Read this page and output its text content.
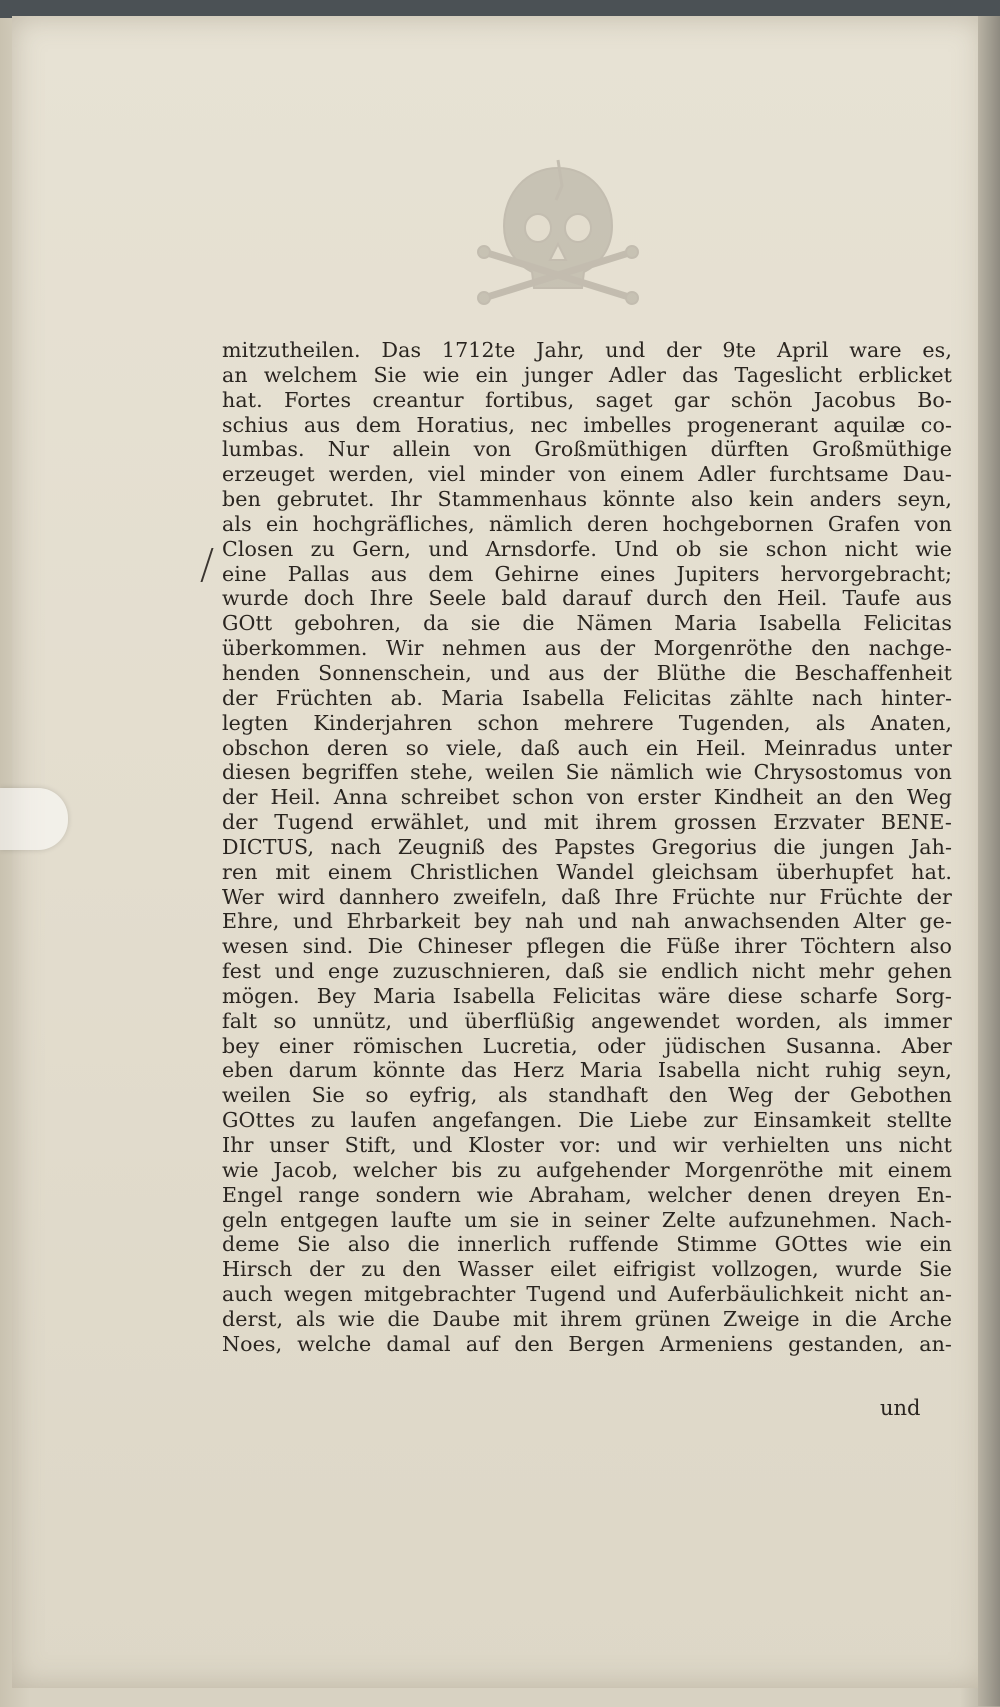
mitzutheilen. Das 1712te Jahr, und der 9te April ware es,
an welchem Sie wie ein junger Adler das Tageslicht erblicket
hat. Fortes creantur fortibus, saget gar schön Jacobus Bo-
schius aus dem Horatius, nec imbelles progenerant aquilæ co-
lumbas. Nur allein von Großmüthigen dürften Großmüthige
erzeuget werden, viel minder von einem Adler furchtsame Dau-
ben gebrutet. Ihr Stammenhaus könnte also kein anders seyn,
als ein hochgräfliches, nämlich deren hochgebornen Grafen von
Closen zu Gern, und Arnsdorfe. Und ob sie schon nicht wie
eine Pallas aus dem Gehirne eines Jupiters hervorgebracht;
wurde doch Ihre Seele bald darauf durch den Heil. Taufe aus
GOtt gebohren, da sie die Nämen Maria Isabella Felicitas
überkommen. Wir nehmen aus der Morgenröthe den nachge-
henden Sonnenschein, und aus der Blüthe die Beschaffenheit
der Früchten ab. Maria Isabella Felicitas zählte nach hinter-
legten Kinderjahren schon mehrere Tugenden, als Anaten,
obschon deren so viele, daß auch ein Heil. Meinradus unter
diesen begriffen stehe, weilen Sie nämlich wie Chrysostomus von
der Heil. Anna schreibet schon von erster Kindheit an den Weg
der Tugend erwählet, und mit ihrem grossen Erzvater BENE-
DICTUS, nach Zeugniß des Papstes Gregorius die jungen Jah-
ren mit einem Christlichen Wandel gleichsam überhupfet hat.
Wer wird dannhero zweifeln, daß Ihre Früchte nur Früchte der
Ehre, und Ehrbarkeit bey nah und nah anwachsenden Alter ge-
wesen sind. Die Chineser pflegen die Füße ihrer Töchtern also
fest und enge zuzuschnieren, daß sie endlich nicht mehr gehen
mögen. Bey Maria Isabella Felicitas wäre diese scharfe Sorg-
falt so unnütz, und überflüßig angewendet worden, als immer
bey einer römischen Lucretia, oder jüdischen Susanna. Aber
eben darum könnte das Herz Maria Isabella nicht ruhig seyn,
weilen Sie so eyfrig, als standhaft den Weg der Gebothen
GOttes zu laufen angefangen. Die Liebe zur Einsamkeit stellte
Ihr unser Stift, und Kloster vor: und wir verhielten uns nicht
wie Jacob, welcher bis zu aufgehender Morgenröthe mit einem
Engel range sondern wie Abraham, welcher denen dreyen En-
geln entgegen laufte um sie in seiner Zelte aufzunehmen. Nach-
deme Sie also die innerlich ruffende Stimme GOttes wie ein
Hirsch der zu den Wasser eilet eifrigist vollzogen, wurde Sie
auch wegen mitgebrachter Tugend und Auferbäulichkeit nicht an-
derst, als wie die Daube mit ihrem grünen Zweige in die Arche
Noes, welche damal auf den Bergen Armeniens gestanden, an-
und
